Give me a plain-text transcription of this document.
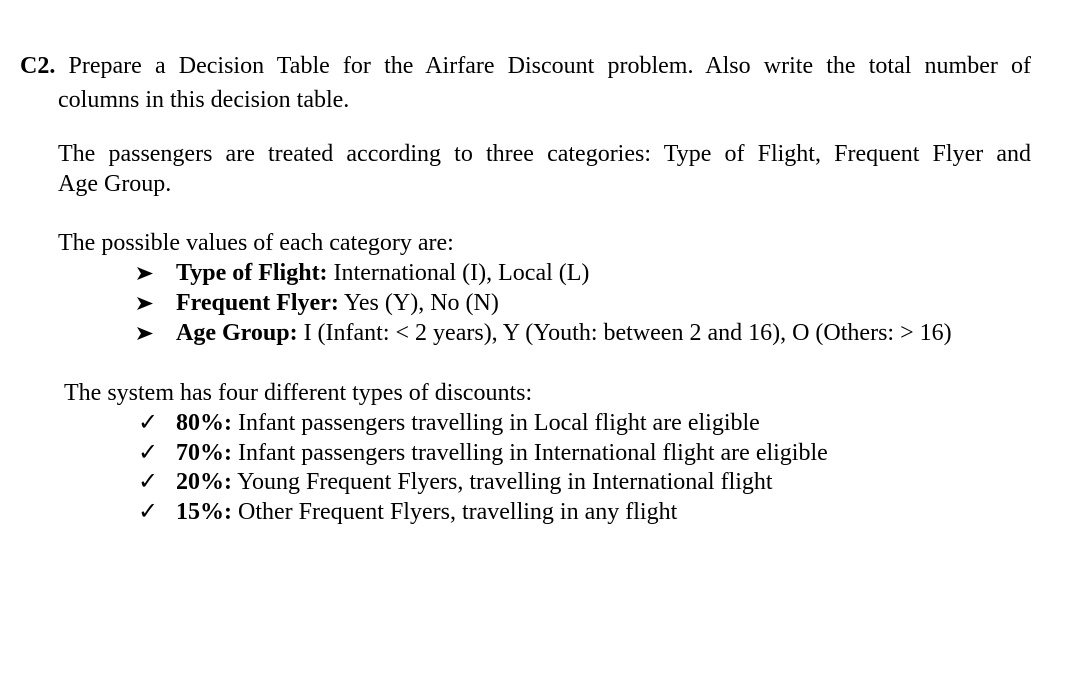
C2. Prepare a Decision Table for the Airfare Discount problem. Also write the total number of
columns in this decision table.
The passengers are treated according to three categories: Type of Flight, Frequent Flyer and
Age Group.
The possible values of each category are:
Type of Flight: International (I), Local (L)
Frequent Flyer: Yes (Y), No (N)
Age Group: I (Infant: < 2 years), Y (Youth: between 2 and 16), O (Others: > 16)
The system has four different types of discounts:
✓ 80%: Infant passengers travelling in Local flight are eligible
✓ 70%: Infant passengers travelling in International flight are eligible
✓ 20%: Young Frequent Flyers, travelling in International flight
✓ 15%: Other Frequent Flyers, travelling in any flight
